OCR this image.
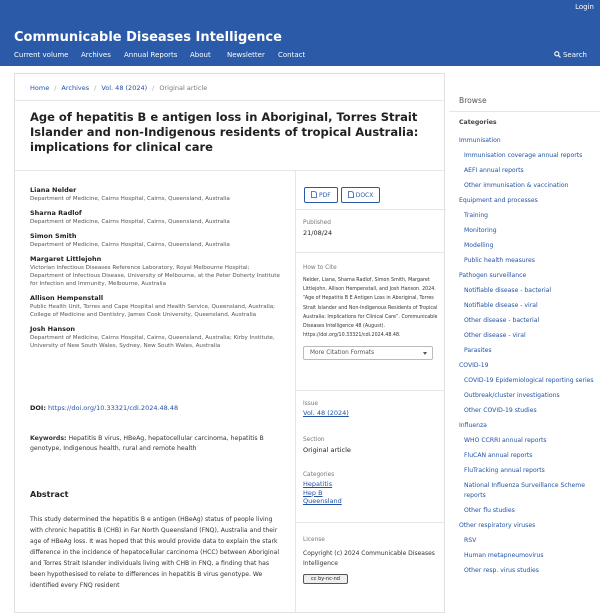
Login
Communicable Diseases Intelligence
Current volume Archives Annual Reports About Newsletter Contact	Search
Home / Archives / Vol. 48 (2024) / Original article
Age of hepatitis B e antigen loss in Aboriginal, Torres Strait Islander and non-Indigenous residents of tropical Australia: implications for clinical care
Liana Nelder
Department of Medicine, Cairns Hospital, Cairns, Queensland, Australia
Sharna Radlof
Department of Medicine, Cairns Hospital, Cairns, Queensland, Australia
Simon Smith
Department of Medicine, Cairns Hospital, Cairns, Queensland, Australia
Margaret Littlejohn
Victorian Infectious Diseases Reference Laboratory, Royal Melbourne Hospital; Department of Infectious Disease, University of Melbourne, at the Peter Doherty Institute for Infection and Immunity, Melbourne, Australia
Allison Hempenstall
Public Health Unit, Torres and Cape Hospital and Health Service, Queensland, Australia; College of Medicine and Dentistry, James Cook University, Queensland, Australia
Josh Hanson
Department of Medicine, Cairns Hospital, Cairns, Queensland, Australia; Kirby Institute, University of New South Wales, Sydney, New South Wales, Australia
DOI: https://doi.org/10.33321/cdi.2024.48.48
Keywords: Hepatitis B virus, HBeAg, hepatocellular carcinoma, hepatitis B genotype, Indigenous health, rural and remote health
Abstract

This study determined the hepatitis B e antigen (HBeAg) status of people living with chronic hepatitis B (CHB) in Far North Queensland (FNQ), Australia and their age of HBeAg loss. It was hoped that this would provide data to explain the stark difference in the incidence of hepatocellular carcinoma (HCC) between Aboriginal and Torres Strait Islander individuals living with CHB in FNQ, a finding that has been hypothesised to relate to differences in hepatitis B virus genotype. We identified every FNQ resident

PDF	DOCX
Published
21/08/24
How to Cite
Nelder, Liana, Sharna Radlof, Simon Smith, Margaret Littlejohn, Allison Hempenstall, and Josh Hanson. 2024. “Age of Hepatitis B E Antigen Loss in Aboriginal, Torres Strait Islander and Non-Indigenous Residents of Tropical Australia: Implications for Clinical Care”. Communicable Diseases Intelligence 48 (August). https://doi.org/10.33321/cdi.2024.48.48.
More Citation Formats
Issue
Vol. 48 (2024)
Section
Original article
Categories
Hepatitis
Hep B
Queensland
License
Copyright (c) 2024 Communicable Diseases Intelligence
cc by-nc-nd
Browse
Categories
Immunisation
Immunisation coverage annual reports
AEFI annual reports
Other immunisation & vaccination
Equipment and processes
Training
Monitoring
Modelling
Public health measures
Pathogen surveillance
Notifiable disease - bacterial
Notifiable disease - viral
Other disease - bacterial
Other disease - viral
Parasites
COVID-19
COVID-19 Epidemiological reporting series
Outbreak/cluster investigations
Other COVID-19 studies
Influenza
WHO CCRRI annual reports
FluCAN annual reports
FluTracking annual reports
National Influenza Surveillance Scheme reports
Other flu studies
Other respiratory viruses
RSV
Human metapneumovirus
Other resp. virus studies
